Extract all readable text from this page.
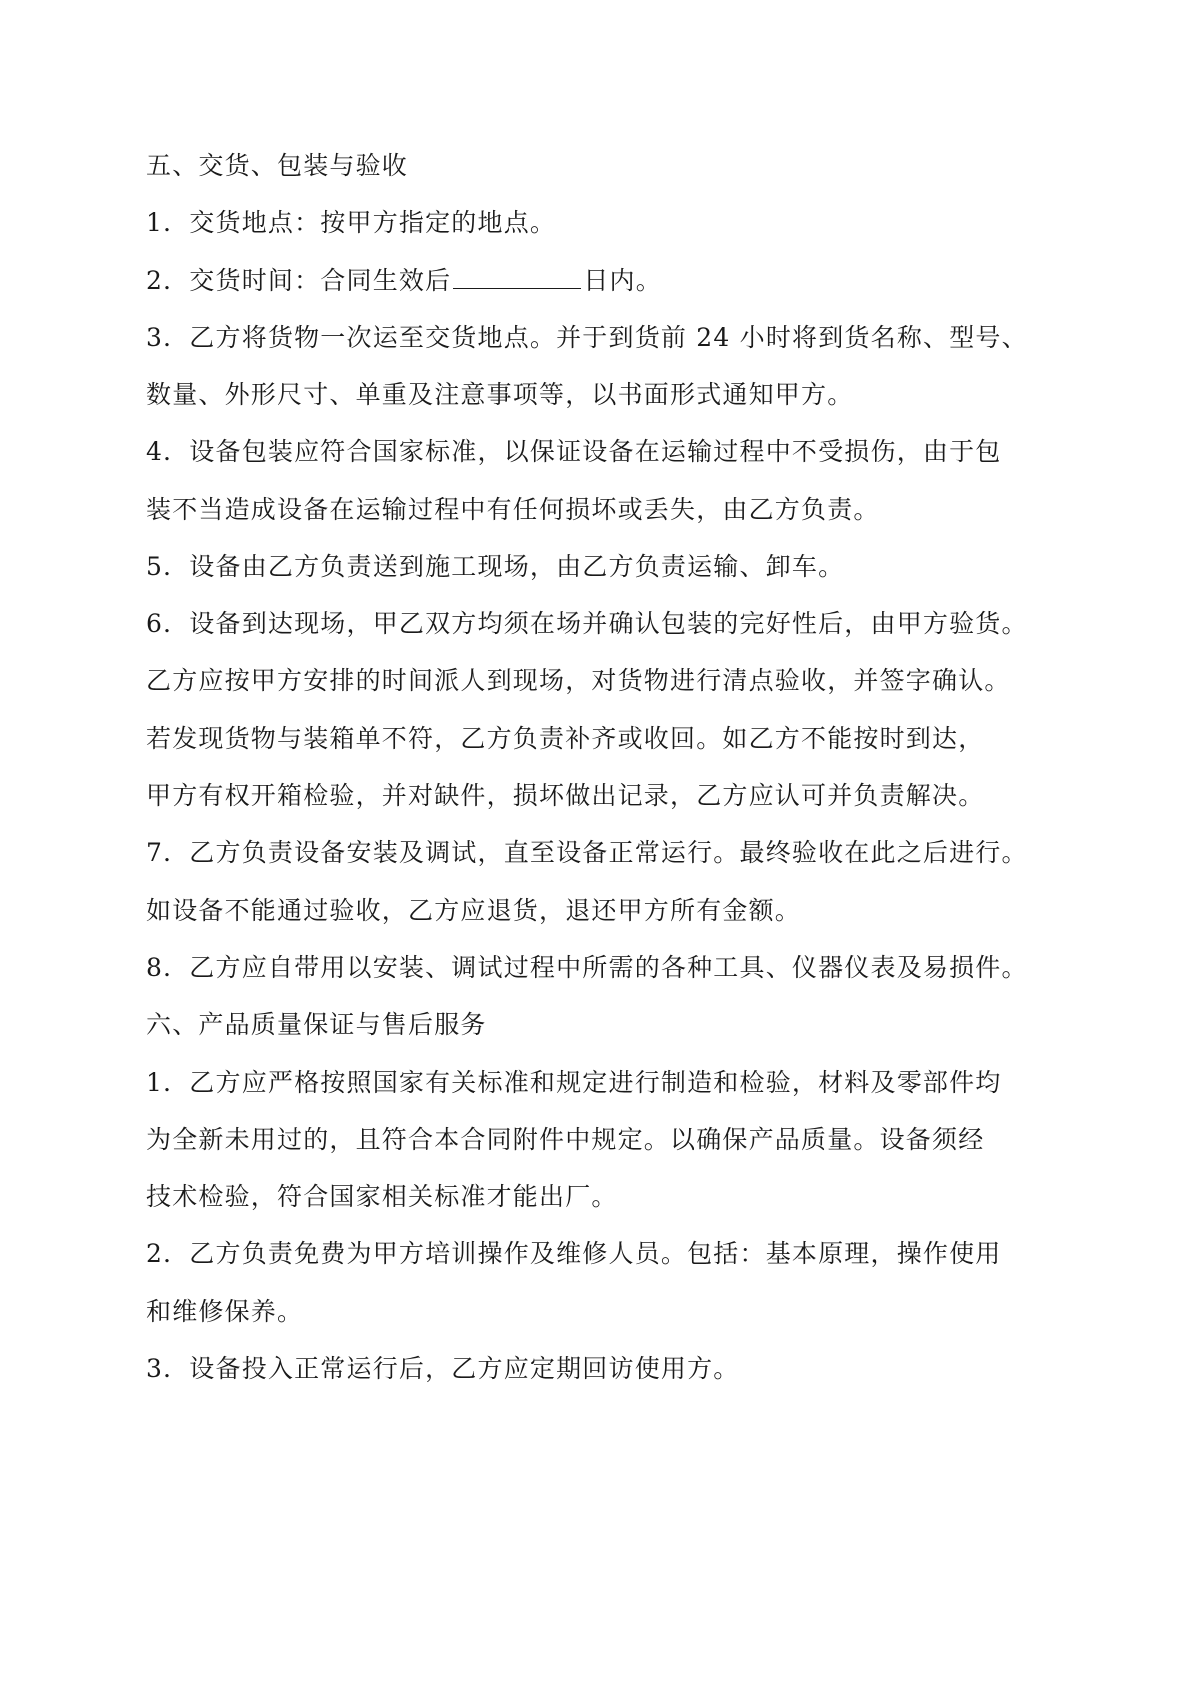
五、交货、包装与验收
1．交货地点：按甲方指定的地点。
2．交货时间：合同生效后	日内。
3．乙方将货物一次运至交货地点。并于到货前 24 小时将到货名称、型号、
数量、外形尺寸、单重及注意事项等，以书面形式通知甲方。
4．设备包装应符合国家标准，以保证设备在运输过程中不受损伤，由于包
装不当造成设备在运输过程中有任何损坏或丢失，由乙方负责。
5．设备由乙方负责送到施工现场，由乙方负责运输、卸车。
6．设备到达现场，甲乙双方均须在场并确认包装的完好性后，由甲方验货。
乙方应按甲方安排的时间派人到现场，对货物进行清点验收，并签字确认。
若发现货物与装箱单不符，乙方负责补齐或收回。如乙方不能按时到达，
甲方有权开箱检验，并对缺件，损坏做出记录，乙方应认可并负责解决。
7．乙方负责设备安装及调试，直至设备正常运行。最终验收在此之后进行。
如设备不能通过验收，乙方应退货，退还甲方所有金额。
8．乙方应自带用以安装、调试过程中所需的各种工具、仪器仪表及易损件。
六、产品质量保证与售后服务
1．乙方应严格按照国家有关标准和规定进行制造和检验，材料及零部件均
为全新未用过的，且符合本合同附件中规定。以确保产品质量。设备须经
技术检验，符合国家相关标准才能出厂。
2．乙方负责免费为甲方培训操作及维修人员。包括：基本原理，操作使用
和维修保养。
3．设备投入正常运行后，乙方应定期回访使用方。
